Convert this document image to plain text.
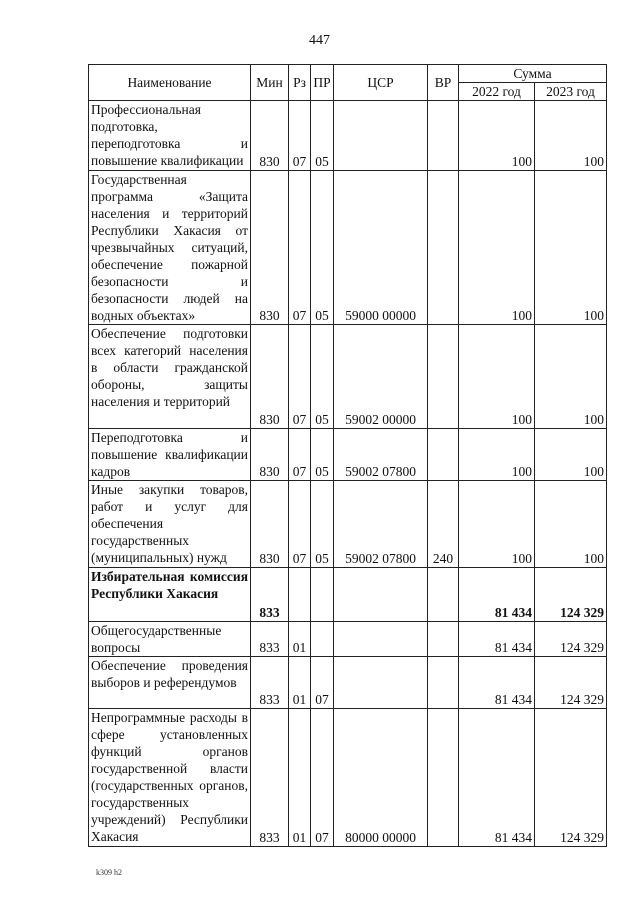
447
Наименование	Мин	Рз	ПР	ЦСР	ВР	Сумма	
						2022 год	2023 год
Профессиональная подготовка, переподготовка и повышение квалификации	830	07	05			100	100
Государственная программа «Защита населения и территорий Республики Хакасия от чрезвычайных ситуаций, обеспечение пожарной безопасности и безопасности людей на водных объектах»	830	07	05	59000 00000		100	100
Обеспечение подготовки всех категорий населения в области гражданской обороны, защиты населения и территорий	830	07	05	59002 00000		100	100
Переподготовка и повышение квалификации кадров	830	07	05	59002 07800		100	100
Иные закупки товаров, работ и услуг для обеспечения государственных (муниципальных) нужд	830	07	05	59002 07800	240	100	100
Избирательная комиссия Республики Хакасия	833					81 434	124 329
Общегосударственные вопросы	833	01				81 434	124 329
Обеспечение проведения выборов и референдумов	833	01	07			81 434	124 329
Непрограммные расходы в сфере установленных функций органов государственной власти (государственных органов, государственных учреждений) Республики Хакасия	833	01	07	80000 00000		81 434	124 329
k309 h2
